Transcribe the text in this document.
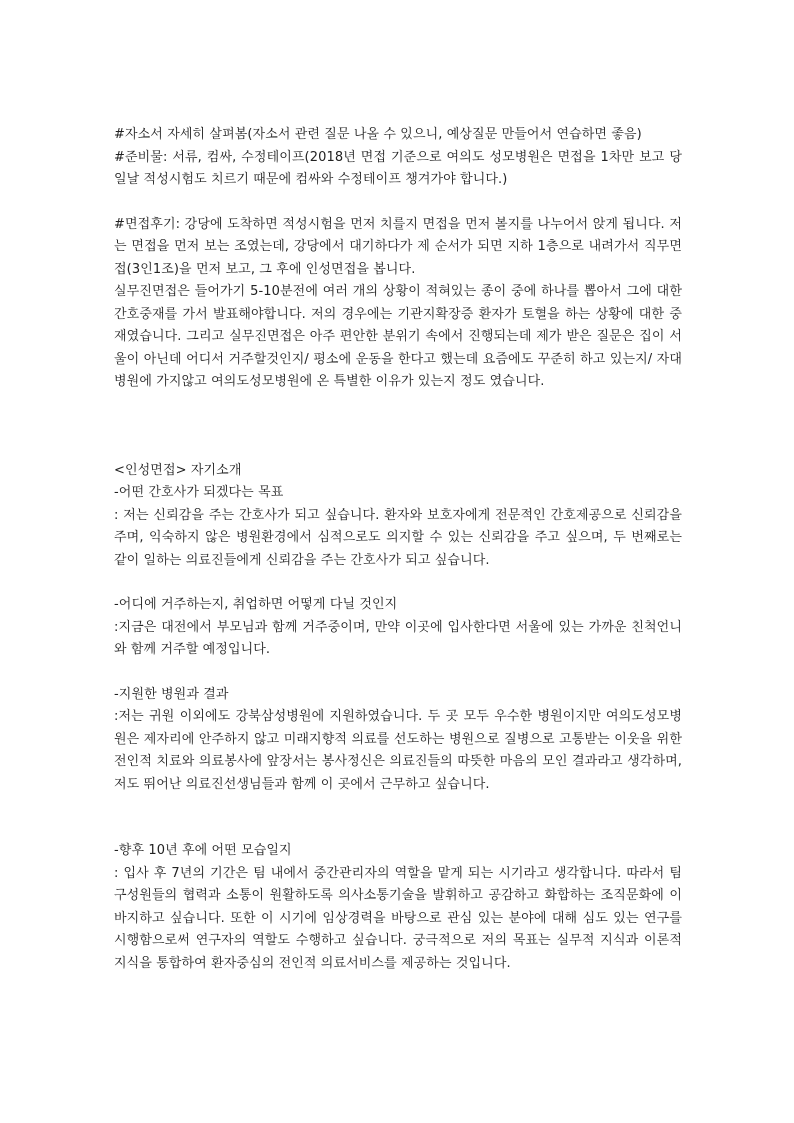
#자소서 자세히 살펴봄(자소서 관련 질문 나올 수 있으니, 예상질문 만들어서 연습하면 좋음)

#준비물: 서류, 컴싸, 수정테이프(2018년 면접 기준으로 여의도 성모병원은 면접을 1차만 보고 당일날 적성시험도 치르기 때문에 컴싸와 수정테이프 챙겨가야 합니다.)

#면접후기: 강당에 도착하면 적성시험을 먼저 치를지 면접을 먼저 볼지를 나누어서 앉게 됩니다. 저는 면접을 먼저 보는 조였는데, 강당에서 대기하다가 제 순서가 되면 지하 1층으로 내려가서 직무면접(3인1조)을 먼저 보고, 그 후에 인성면접을 봅니다.

실무진면접은 들어가기 5-10분전에 여러 개의 상황이 적혀있는 종이 중에 하나를 뽑아서 그에 대한 간호중재를 가서 발표해야합니다. 저의 경우에는 기관지확장증 환자가 토혈을 하는 상황에 대한 중재였습니다. 그리고 실무진면접은 아주 편안한 분위기 속에서 진행되는데 제가 받은 질문은 집이 서울이 아닌데 어디서 거주할것인지/ 평소에 운동을 한다고 했는데 요즘에도 꾸준히 하고 있는지/ 자대병원에 가지않고 여의도성모병원에 온 특별한 이유가 있는지 정도 였습니다.

<인성면접> 자기소개

-어떤 간호사가 되겠다는 목표

: 저는 신뢰감을 주는 간호사가 되고 싶습니다. 환자와 보호자에게 전문적인 간호제공으로 신뢰감을 주며, 익숙하지 않은 병원환경에서 심적으로도 의지할 수 있는 신뢰감을 주고 싶으며, 두 번째로는 같이 일하는 의료진들에게 신뢰감을 주는 간호사가 되고 싶습니다.

-어디에 거주하는지, 취업하면 어떻게 다닐 것인지

:지금은 대전에서 부모님과 함께 거주중이며, 만약 이곳에 입사한다면 서울에 있는 가까운 친척언니와 함께 거주할 예정입니다.

-지원한 병원과 결과

:저는 귀원 이외에도 강북삼성병원에 지원하였습니다. 두 곳 모두 우수한 병원이지만 여의도성모병원은 제자리에 안주하지 않고 미래지향적 의료를 선도하는 병원으로 질병으로 고통받는 이웃을 위한 전인적 치료와 의료봉사에 앞장서는 봉사정신은 의료진들의 따뜻한 마음의 모인 결과라고 생각하며, 저도 뛰어난 의료진선생님들과 함께 이 곳에서 근무하고 싶습니다.

-향후 10년 후에 어떤 모습일지

: 입사 후 7년의 기간은 팀 내에서 중간관리자의 역할을 맡게 되는 시기라고 생각합니다. 따라서 팀 구성원들의 협력과 소통이 원활하도록 의사소통기술을 발휘하고 공감하고 화합하는 조직문화에 이바지하고 싶습니다. 또한 이 시기에 임상경력을 바탕으로 관심 있는 분야에 대해 심도 있는 연구를 시행함으로써 연구자의 역할도 수행하고 싶습니다. 궁극적으로 저의 목표는 실무적 지식과 이론적 지식을 통합하여 환자중심의 전인적 의료서비스를 제공하는 것입니다.
